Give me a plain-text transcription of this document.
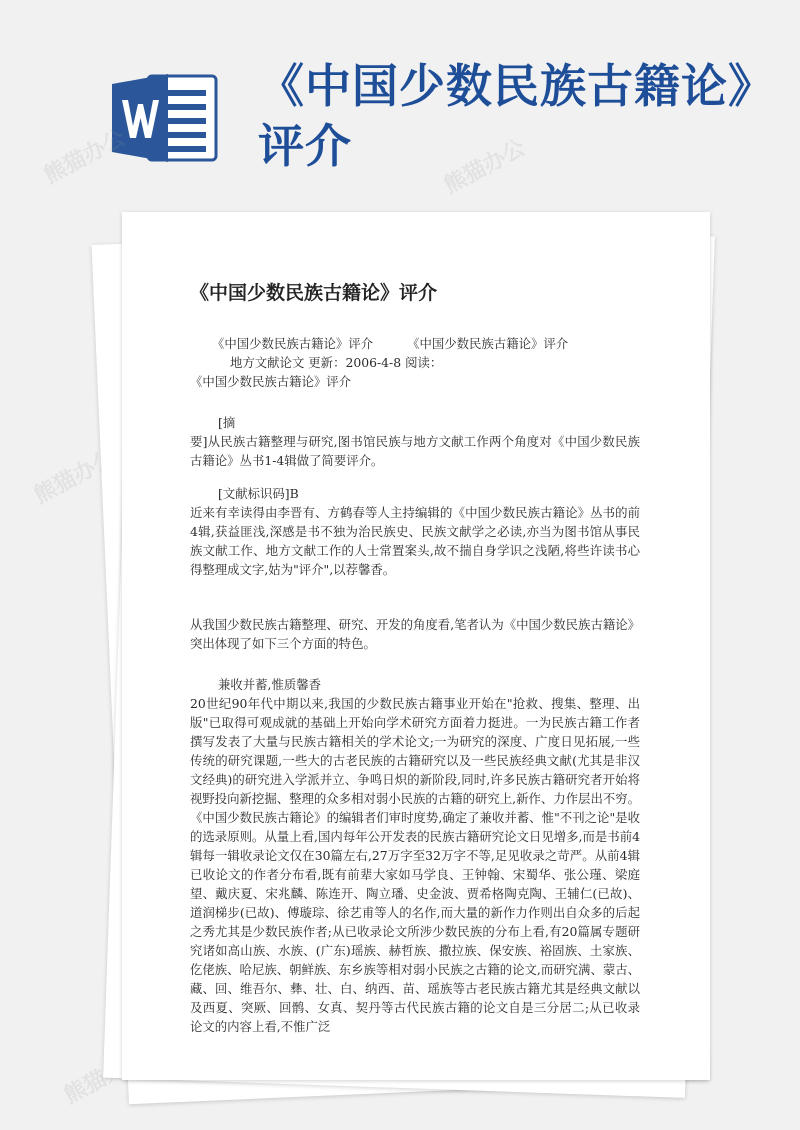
《中国少数民族古籍论》评介
熊猫办公	熊猫办公
熊猫办公
《中国少数民族古籍论》评介

《中国少数民族古籍论》评介	《中国少数民族古籍论》评介

地方文献论文 更新：2006-4-8 阅读：

《中国少数民族古籍论》评介

[摘

要]从民族古籍整理与研究,图书馆民族与地方文献工作两个角度对《中国少数民族古籍论》丛书1-4辑做了简要评介。

[文献标识码]B

近来有幸读得由李晋有、方鹤春等人主持编辑的《中国少数民族古籍论》丛书的前4辑,获益匪浅,深感是书不独为治民族史、民族文献学之必读,亦当为图书馆从事民族文献工作、地方文献工作的人士常置案头,故不揣自身学识之浅陋,将些许读书心得整理成文字,姑为"评介",以荐馨香。

从我国少数民族古籍整理、研究、开发的角度看,笔者认为《中国少数民族古籍论》突出体现了如下三个方面的特色。

兼收并蓄,惟质馨香

20世纪90年代中期以来,我国的少数民族古籍事业开始在"抢救、搜集、整理、出版"已取得可观成就的基础上开始向学术研究方面着力挺进。一为民族古籍工作者撰写发表了大量与民族古籍相关的学术论文;一为研究的深度、广度日见拓展,一些传统的研究课题,一些大的古老民族的古籍研究以及一些民族经典文献(尤其是非汉文经典)的研究进入学派并立、争鸣日炽的新阶段,同时,许多民族古籍研究者开始将视野投向新挖掘、整理的众多相对弱小民族的古籍的研究上,新作、力作层出不穷。《中国少数民族古籍论》的编辑者们审时度势,确定了兼收并蓄、惟"不刊之论"是收的选录原则。从量上看,国内每年公开发表的民族古籍研究论文日见增多,而是书前4辑每一辑收录论文仅在30篇左右,27万字至32万字不等,足见收录之苛严。从前4辑已收论文的作者分布看,既有前辈大家如马学良、王钟翰、宋蜀华、张公瑾、梁庭望、戴庆夏、宋兆麟、陈连开、陶立璠、史金波、贾希格陶克陶、王辅仁(已故)、道润梯步(已故)、傅璇琮、徐艺甫等人的名作,而大量的新作力作则出自众多的后起之秀尤其是少数民族作者;从已收录论文所涉少数民族的分布上看,有20篇属专题研究诸如高山族、水族、(广东)瑶族、赫哲族、撒拉族、保安族、裕固族、土家族、仡佬族、哈尼族、朝鲜族、东乡族等相对弱小民族之古籍的论文,而研究满、蒙古、藏、回、维吾尔、彝、壮、白、纳西、苗、瑶族等古老民族古籍尤其是经典文献以及西夏、突厥、回鹘、女真、契丹等古代民族古籍的论文自是三分居二;从已收录论文的内容上看,不惟广泛
